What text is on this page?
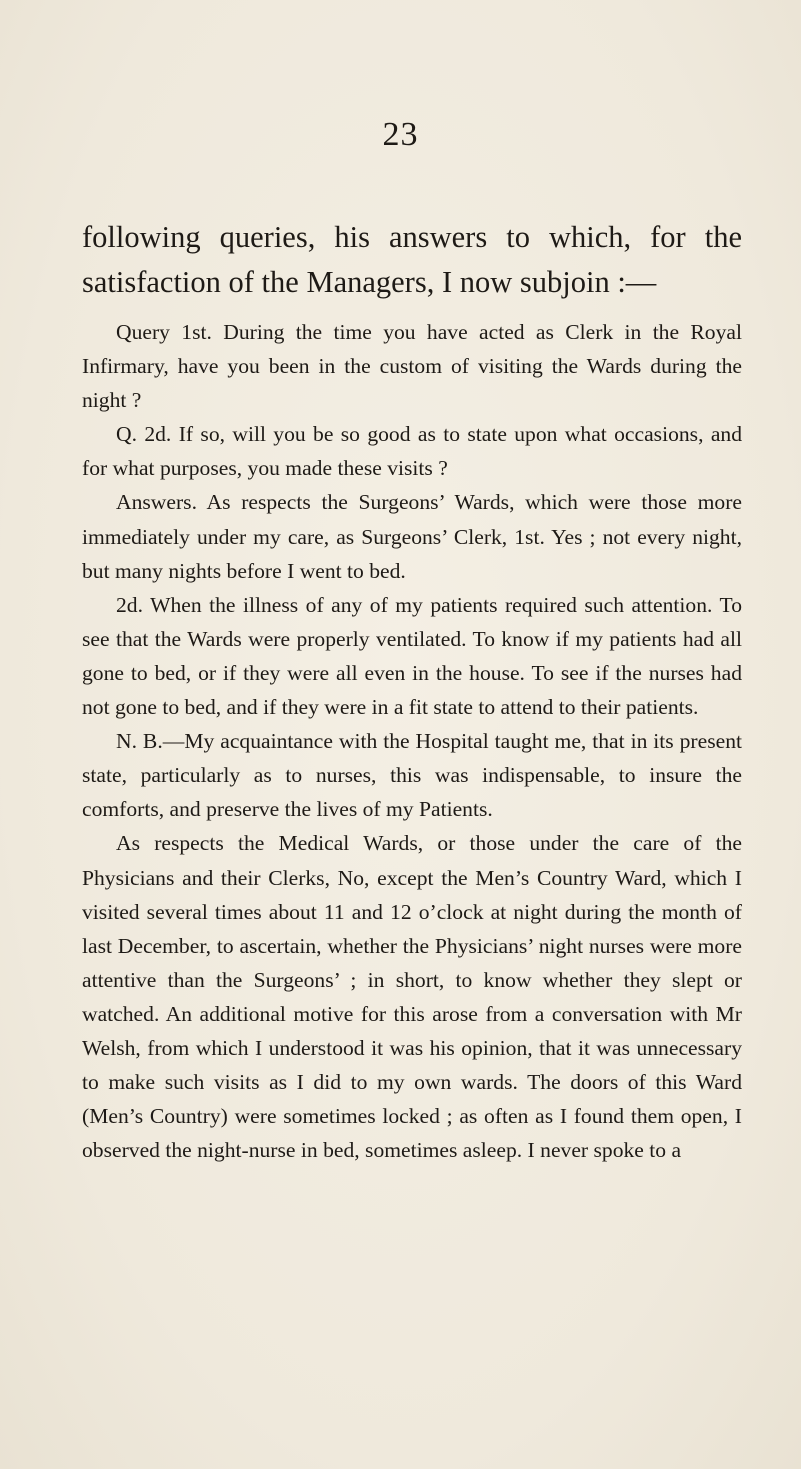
23

following queries, his answers to which, for the satisfaction of the Managers, I now subjoin :—

Query 1st. During the time you have acted as Clerk in the Royal Infirmary, have you been in the custom of visiting the Wards during the night ?

Q. 2d. If so, will you be so good as to state upon what occasions, and for what purposes, you made these visits ?

Answers. As respects the Surgeons’ Wards, which were those more immediately under my care, as Surgeons’ Clerk, 1st. Yes ; not every night, but many nights before I went to bed.

2d. When the illness of any of my patients required such attention. To see that the Wards were properly ventilated. To know if my patients had all gone to bed, or if they were all even in the house. To see if the nurses had not gone to bed, and if they were in a fit state to attend to their patients.

N. B.—My acquaintance with the Hospital taught me, that in its present state, particularly as to nurses, this was indispensable, to insure the comforts, and preserve the lives of my Patients.

As respects the Medical Wards, or those under the care of the Physicians and their Clerks, No, except the Men’s Country Ward, which I visited several times about 11 and 12 o’clock at night during the month of last December, to ascertain, whether the Physicians’ night nurses were more attentive than the Surgeons’ ; in short, to know whether they slept or watched. An additional motive for this arose from a conversation with Mr Welsh, from which I understood it was his opinion, that it was unnecessary to make such visits as I did to my own wards. The doors of this Ward (Men’s Country) were sometimes locked ; as often as I found them open, I observed the night-nurse in bed, sometimes asleep. I never spoke to a
